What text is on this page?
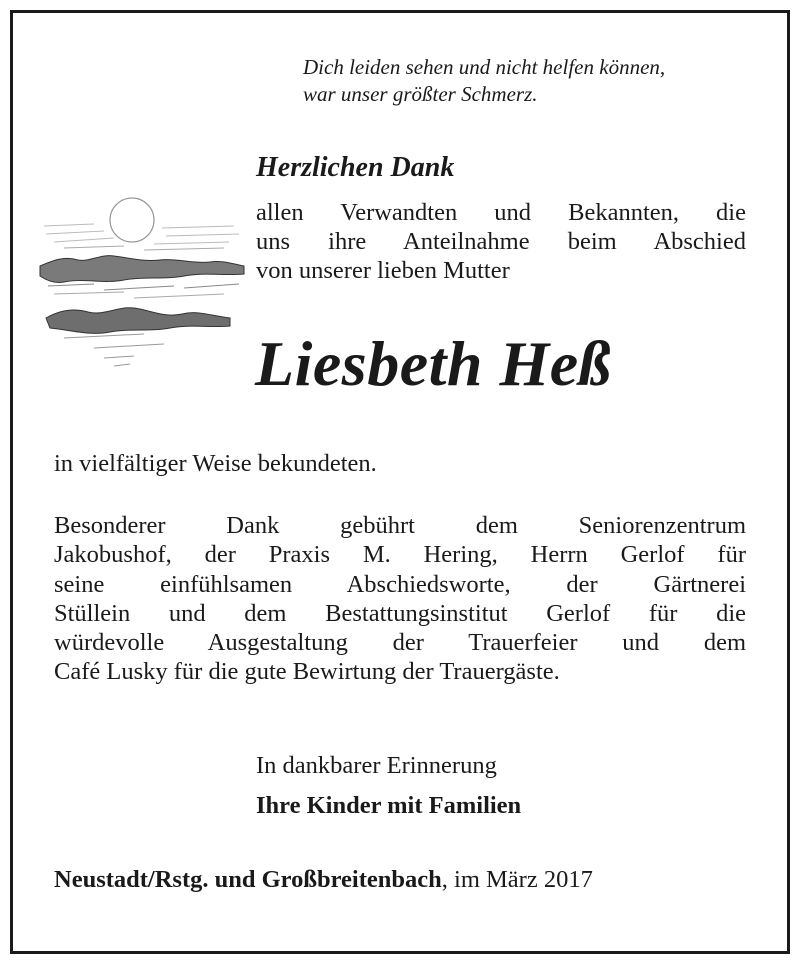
Dich leiden sehen und nicht helfen können,
war unser größter Schmerz.
Herzlichen Dank
allen Verwandten und Bekannten, die
uns ihre Anteilnahme beim Abschied
von unserer lieben Mutter
Liesbeth Heß
in vielfältiger Weise bekundeten.
Besonderer Dank gebührt dem Seniorenzentrum
Jakobushof, der Praxis M. Hering, Herrn Gerlof für
seine einfühlsamen Abschiedsworte, der Gärtnerei
Stüllein und dem Bestattungsinstitut Gerlof für die
würdevolle Ausgestaltung der Trauerfeier und dem
Café Lusky für die gute Bewirtung der Trauergäste.
In dankbarer Erinnerung
Ihre Kinder mit Familien
Neustadt/Rstg. und Großbreitenbach, im März 2017
